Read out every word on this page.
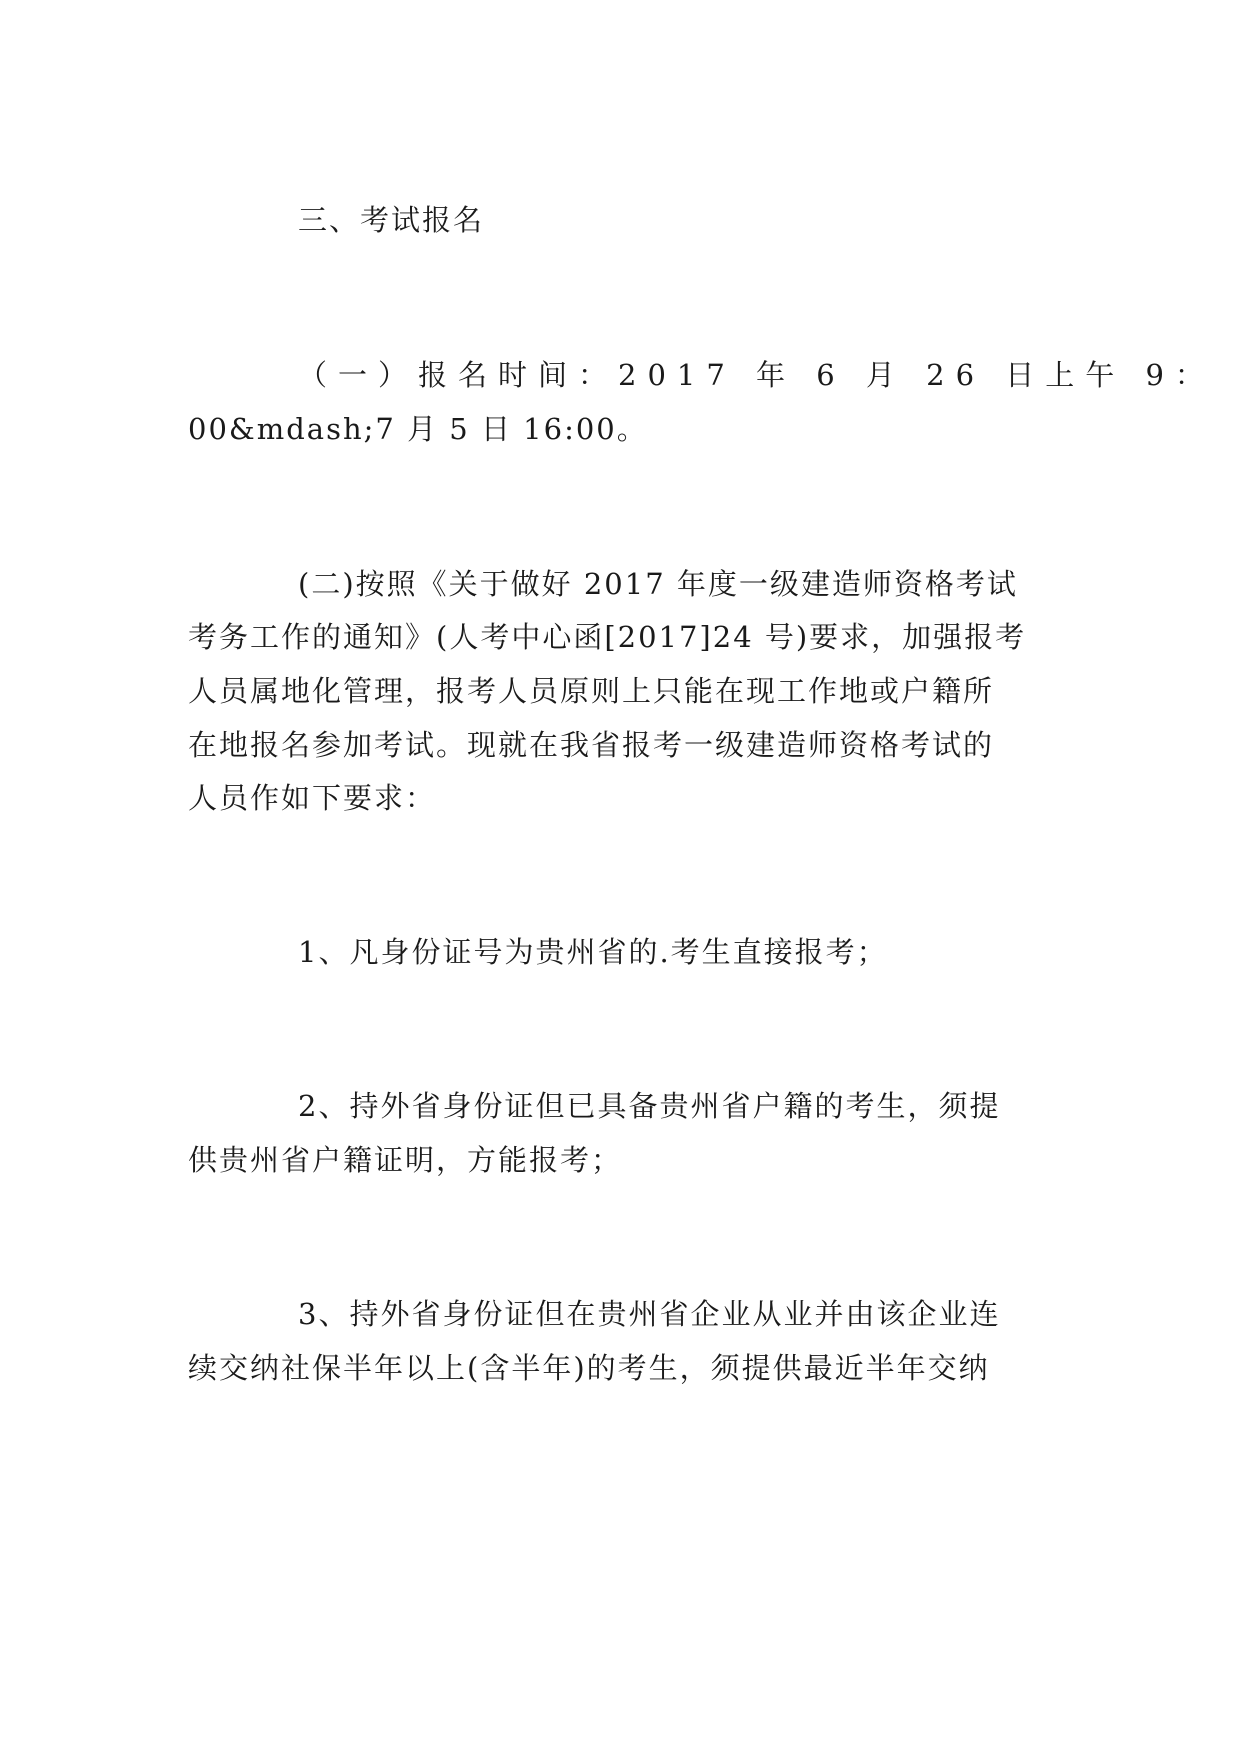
三、考试报名
（一）报名时间：2017 年 6 月 26 日上午 9：
00&mdash;7 月 5 日 16:00。
(二)按照《关于做好 2017 年度一级建造师资格考试
考务工作的通知》(人考中心函[2017]24 号)要求，加强报考
人员属地化管理，报考人员原则上只能在现工作地或户籍所
在地报名参加考试。现就在我省报考一级建造师资格考试的
人员作如下要求：
1、凡身份证号为贵州省的.考生直接报考；
2、持外省身份证但已具备贵州省户籍的考生，须提
供贵州省户籍证明，方能报考；
3、持外省身份证但在贵州省企业从业并由该企业连
续交纳社保半年以上(含半年)的考生，须提供最近半年交纳
